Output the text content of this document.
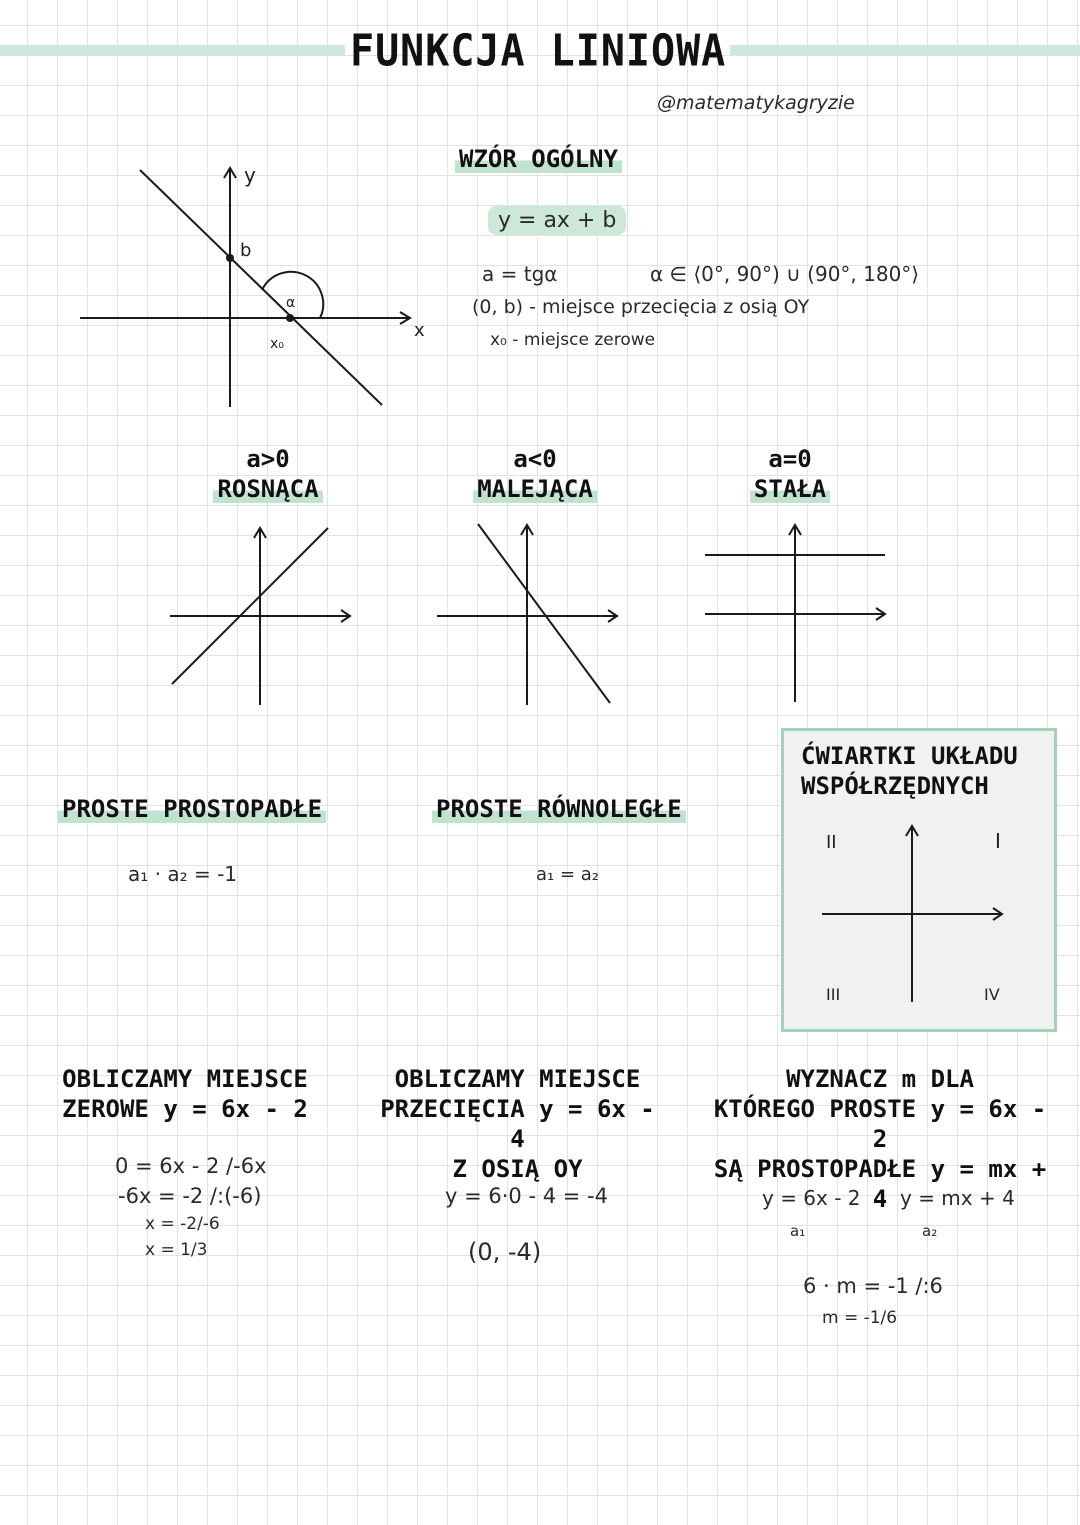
FUNKCJA LINIOWA
@matematykagryzie
y
x
b
α
x₀
WZÓR OGÓLNY
y = ax + b
a = tgα	α ∈ ⟨0°, 90°) ∪ (90°, 180°⟩
(0, b) - miejsce przecięcia z osią OY
x₀ - miejsce zerowe
a>0
ROSNĄCA
a<0
MALEJĄCA
a=0
STAŁA
PROSTE PROSTOPADŁE
a₁ · a₂ = -1
PROSTE RÓWNOLEGŁE
a₁ = a₂
ĆWIARTKI UKŁADU
WSPÓŁRZĘDNYCH
I
II
III	IV
OBLICZAMY MIEJSCE
ZEROWE y = 6x - 2
0 = 6x - 2 /-6x
-6x = -2 /:(-6)
x = -2/-6
x = 1/3
OBLICZAMY MIEJSCE
PRZECIĘCIA y = 6x - 4
Z OSIĄ OY
y = 6·0 - 4 = -4
(0, -4)
WYZNACZ m DLA
KTÓREGO PROSTE y = 6x - 2
SĄ PROSTOPADŁE y = mx + 4
y = 6x - 2
a₁
y = mx + 4
a₂
6 · m = -1 /:6
m = -1/6
